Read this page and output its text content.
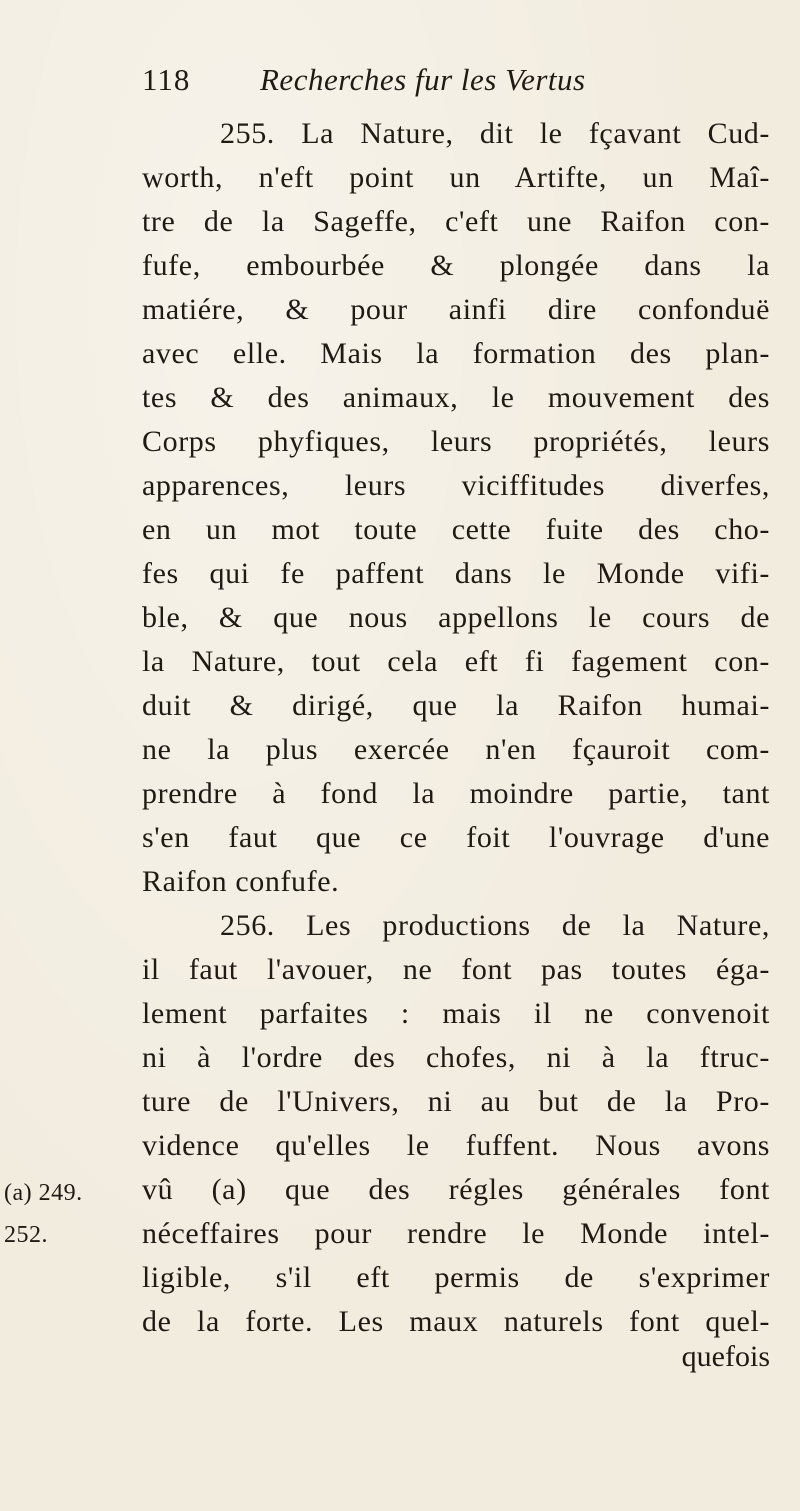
118 Recherches fur les Vertus
255. La Nature, dit le fçavant Cud-
worth, n'eft point un Artifte, un Maî-
tre de la Sageffe, c'eft une Raifon con-
fufe, embourbée & plongée dans la
matiére, & pour ainfi dire confonduë
avec elle. Mais la formation des plan-
tes & des animaux, le mouvement des
Corps phyfiques, leurs propriétés, leurs
apparences, leurs viciffitudes diverfes,
en un mot toute cette fuite des cho-
fes qui fe paffent dans le Monde vifi-
ble, & que nous appellons le cours de
la Nature, tout cela eft fi fagement con-
duit & dirigé, que la Raifon humai-
ne la plus exercée n'en fçauroit com-
prendre à fond la moindre partie, tant
s'en faut que ce foit l'ouvrage d'une
Raifon confufe.
256. Les productions de la Nature,
il faut l'avouer, ne font pas toutes éga-
lement parfaites : mais il ne convenoit
ni à l'ordre des chofes, ni à la ftruc-
ture de l'Univers, ni au but de la Pro-
vidence qu'elles le fuffent. Nous avons
vû (a) que des régles générales font
néceffaires pour rendre le Monde intel-
ligible, s'il eft permis de s'exprimer
de la forte. Les maux naturels font quel-
(a) 249.
252.
quefois
